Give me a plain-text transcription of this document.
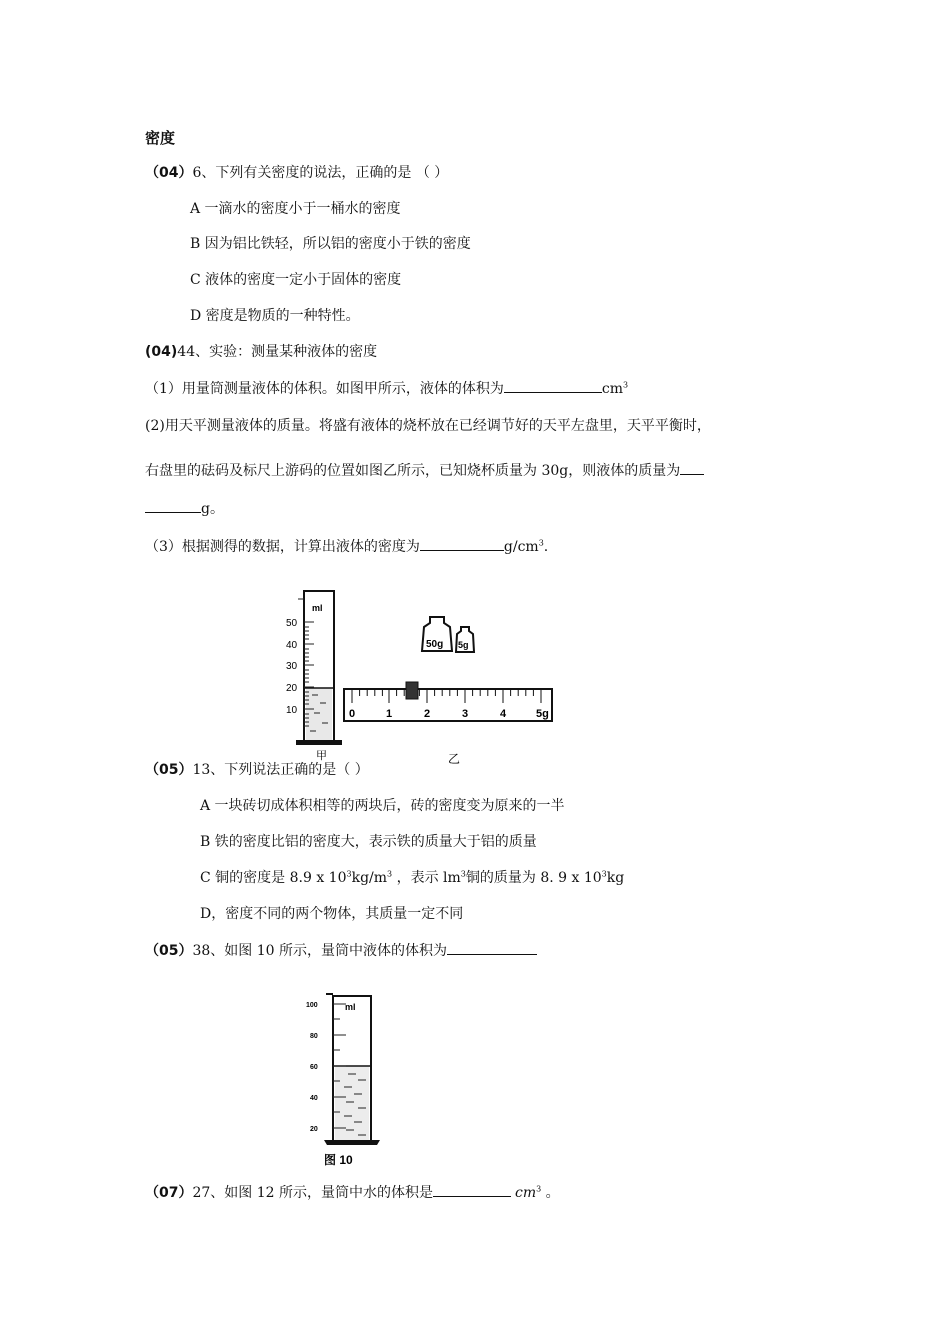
密度
（04）6、下列有关密度的说法，正确的是 （ ）
A 一滴水的密度小于一桶水的密度
B 因为铝比铁轻，所以铝的密度小于铁的密度
C 液体的密度一定小于固体的密度
D 密度是物质的一种特性。
(04)44、实验：测量某种液体的密度
（1）用量筒测量液体的体积。如图甲所示，液体的体积为	$cm^3$
(2)用天平测量液体的质量。将盛有液体的烧杯放在已经调节好的天平左盘里，天平平衡时，
右盘里的砝码及标尺上游码的位置如图乙所示，已知烧杯质量为 30g，则液体的质量为
g。
（3）根据测得的数据，计算出液体的密度为	$g/cm^3$.
ml
50
40
30
20
10
甲
50g 5g
0	1	2	3	4	5g
乙
（05）13、下列说法正确的是（ ）
A 一块砖切成体积相等的两块后，砖的密度变为原来的一半
B 铁的密度比铝的密度大，表示铁的质量大于铝的质量
C 铜的密度是 8.9 x $10^3kg/m^3$ ，表示 $lm^3$铜的质量为 8. 9 x $10^3kg$
D，密度不同的两个物体，其质量一定不同
（05）38、如图 10 所示，量筒中液体的体积为
ml
100
80
60
40
20
图 10
（07）27、如图 12 所示，量筒中水的体积是	$cm^3$ 。
